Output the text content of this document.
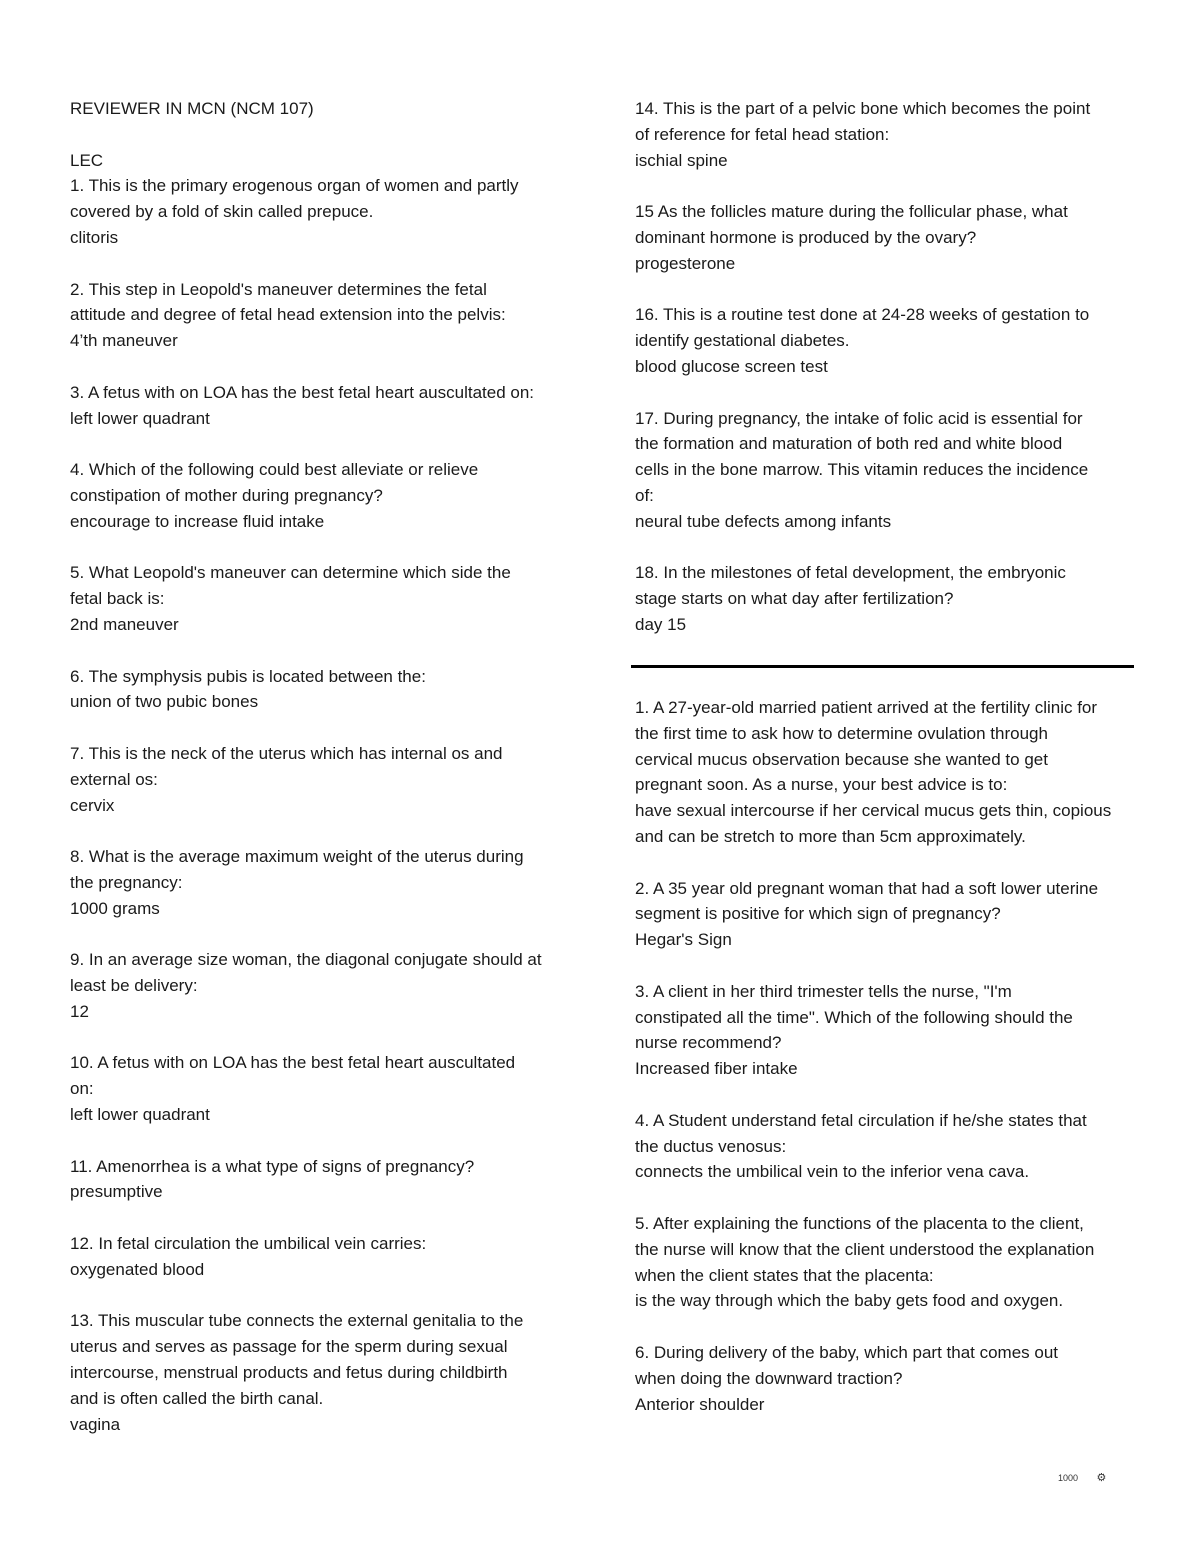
REVIEWER IN MCN (NCM 107)
LEC
1. This is the primary erogenous organ of women and partly
covered by a fold of skin called prepuce.
clitoris
2. This step in Leopold's maneuver determines the fetal
attitude and degree of fetal head extension into the pelvis:
4’th maneuver
3. A fetus with on LOA has the best fetal heart auscultated on:
left lower quadrant
4. Which of the following could best alleviate or relieve
constipation of mother during pregnancy?
encourage to increase fluid intake
5. What Leopold's maneuver can determine which side the
fetal back is:
2nd maneuver
6. The symphysis pubis is located between the:
union of two pubic bones
7. This is the neck of the uterus which has internal os and
external os:
cervix
8. What is the average maximum weight of the uterus during
the pregnancy:
1000 grams
9. In an average size woman, the diagonal conjugate should at
least be delivery:
12
10. A fetus with on LOA has the best fetal heart auscultated
on:
left lower quadrant
11. Amenorrhea is a what type of signs of pregnancy?
presumptive
12. In fetal circulation the umbilical vein carries:
oxygenated blood
13. This muscular tube connects the external genitalia to the
uterus and serves as passage for the sperm during sexual
intercourse, menstrual products and fetus during childbirth
and is often called the birth canal.
vagina
14. This is the part of a pelvic bone which becomes the point
of reference for fetal head station:
ischial spine
15 As the follicles mature during the follicular phase, what
dominant hormone is produced by the ovary?
progesterone
16. This is a routine test done at 24-28 weeks of gestation to
identify gestational diabetes.
blood glucose screen test
17. During pregnancy, the intake of folic acid is essential for
the formation and maturation of both red and white blood
cells in the bone marrow. This vitamin reduces the incidence
of:
neural tube defects among infants
18. In the milestones of fetal development, the embryonic
stage starts on what day after fertilization?
day 15
1. A 27-year-old married patient arrived at the fertility clinic for
the first time to ask how to determine ovulation through
cervical mucus observation because she wanted to get
pregnant soon. As a nurse, your best advice is to:
have sexual intercourse if her cervical mucus gets thin, copious
and can be stretch to more than 5cm approximately.
2. A 35 year old pregnant woman that had a soft lower uterine
segment is positive for which sign of pregnancy?
Hegar's Sign
3. A client in her third trimester tells the nurse, "I'm
constipated all the time". Which of the following should the
nurse recommend?
Increased fiber intake
4. A Student understand fetal circulation if he/she states that
the ductus venosus:
connects the umbilical vein to the inferior vena cava.
5. After explaining the functions of the placenta to the client,
the nurse will know that the client understood the explanation
when the client states that the placenta:
is the way through which the baby gets food and oxygen.
6. During delivery of the baby, which part that comes out
when doing the downward traction?
Anterior shoulder
1000 ⚙
